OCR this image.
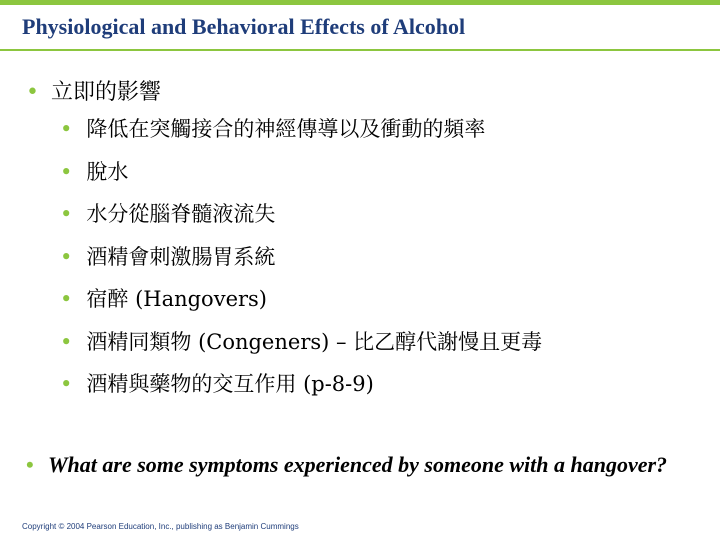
Physiological and Behavioral Effects of Alcohol
• 立即的影響
• 降低在突觸接合的神經傳導以及衝動的頻率
• 脫水
• 水分從腦脊髓液流失
• 酒精會刺激腸胃系統
• 宿醉 (Hangovers)
• 酒精同類物 (Congeners) – 比乙醇代謝慢且更毒
• 酒精與藥物的交互作用 (p-8-9)
• What are some symptoms experienced by someone with a hangover?
Copyright © 2004 Pearson Education, Inc., publishing as Benjamin Cummings
